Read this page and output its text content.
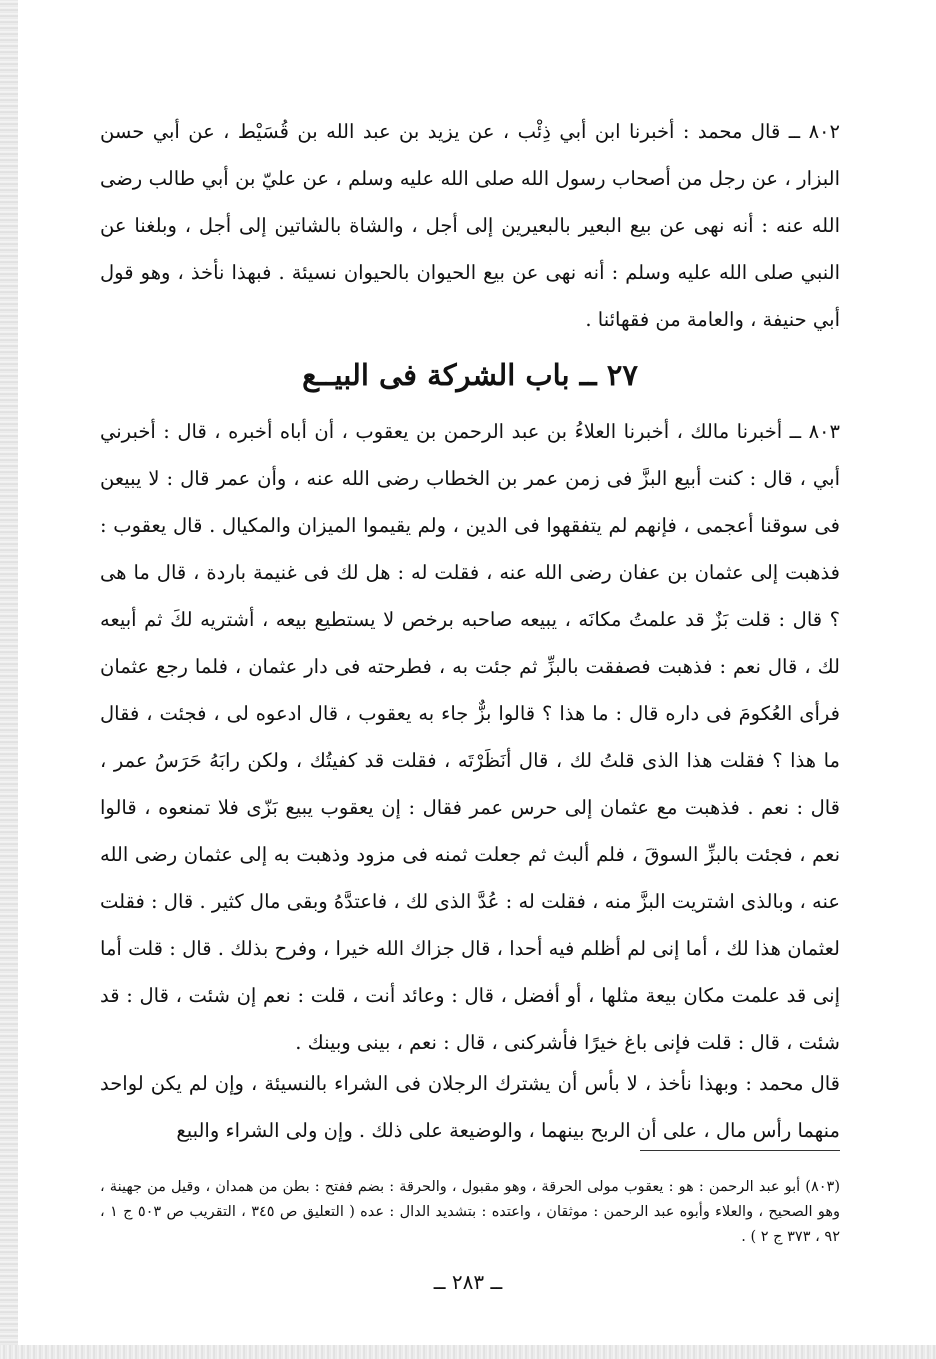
٨٠٢ ــ قال محمد : أخبرنا ابن أبي ذِئْب ، عن يزيد بن عبد الله بن قُسَيْط ، عن أبي حسن البزار ، عن رجل من أصحاب رسول الله صلى الله عليه وسلم ، عن عليّ بن أبي طالب رضى الله عنه : أنه نهى عن بيع البعير بالبعيرين إلى أجل ، والشاة بالشاتين إلى أجل ، وبلغنا عن النبي صلى الله عليه وسلم : أنه نهى عن بيع الحيوان بالحيوان نسيئة . فبهذا نأخذ ، وهو قول أبي حنيفة ، والعامة من فقهائنا .

٢٧ ــ باب الشركة فى البيــع

٨٠٣ ــ أخبرنا مالك ، أخبرنا العلاءُ بن عبد الرحمن بن يعقوب ، أن أباه أخبره ، قال : أخبرني أبي ، قال : كنت أبيع البزَّ فى زمن عمر بن الخطاب رضى الله عنه ، وأن عمر قال : لا يبيعن فى سوقنا أعجمى ، فإنهم لم يتفقهوا فى الدين ، ولم يقيموا الميزان والمكيال . قال يعقوب : فذهبت إلى عثمان بن عفان رضى الله عنه ، فقلت له : هل لك فى غنيمة باردة ، قال ما هى ؟ قال : قلت بَزٌ قد علمتُ مكانَه ، يبيعه صاحبه برخص لا يستطيع بيعه ، أشتريه لكَ ثم أبيعه لك ، قال نعم : فذهبت فصفقت بالبزِّ ثم جئت به ، فطرحته فى دار عثمان ، فلما رجع عثمان فرأى العُكومَ فى داره قال : ما هذا ؟ قالوا بزٌّ جاء به يعقوب ، قال ادعوه لى ، فجئت ، فقال ما هذا ؟ فقلت هذا الذى قلتُ لك ، قال أنَظَرْتَه ، فقلت قد كفيتُك ، ولكن رابَهُ حَرَسُ عمر ، قال : نعم . فذهبت مع عثمان إلى حرس عمر فقال : إن يعقوب يبيع بَزّى فلا تمنعوه ، قالوا نعم ، فجئت بالبزِّ السوقَ ، فلم ألبث ثم جعلت ثمنه فى مزود وذهبت به إلى عثمان رضى الله عنه ، وبالذى اشتريت البزَّ منه ، فقلت له : عُدَّ الذى لك ، فاعتدَّهُ وبقى مال كثير . قال : فقلت لعثمان هذا لك ، أما إنى لم أظلم فيه أحدا ، قال جزاك الله خيرا ، وفرح بذلك . قال : قلت أما إنى قد علمت مكان بيعة مثلها ، أو أفضل ، قال : وعائد أنت ، قلت : نعم إن شئت ، قال : قد شئت ، قال : قلت فإنى باغ خيرًا فأشركنى ، قال : نعم ، بينى وبينك .

قال محمد : وبهذا نأخذ ، لا بأس أن يشترك الرجلان فى الشراء بالنسيئة ، وإن لم يكن لواحد منهما رأس مال ، على أن الربح بينهما ، والوضيعة على ذلك . وإن ولى الشراء والبيع

(٨٠٣) أبو عبد الرحمن : هو : يعقوب مولى الحرقة ، وهو مقبول ، والحرقة : بضم ففتح : بطن من همدان ، وقيل من جهينة ، وهو الصحيح ، والعلاء وأبوه عبد الرحمن : موثقان ، واعتده : بتشديد الدال : عده ( التعليق ص ٣٤٥ ، التقريب ص ٥٠٣ ج ١ ، ٩٢ ، ٣٧٣ ج ٢ ) .

ــ ٢٨٣ ــ
